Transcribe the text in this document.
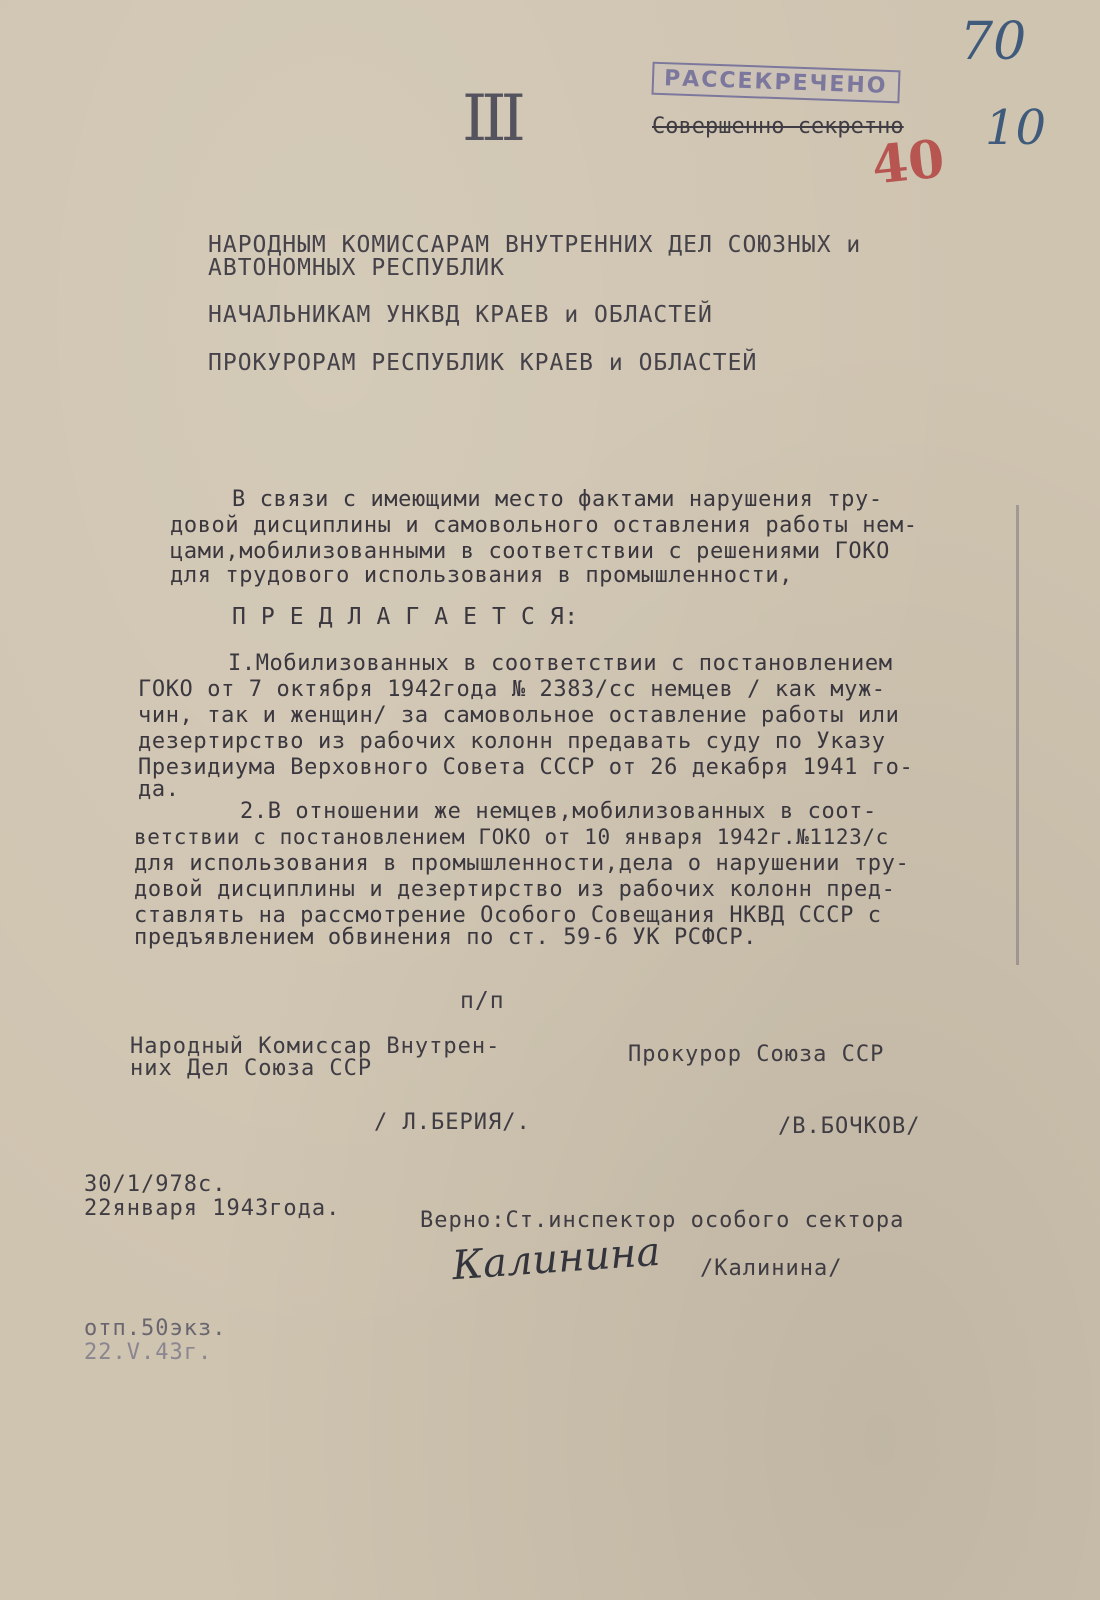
70
10
40
III	РАССЕКРЕЧЕНО
Совершенно секретно
НАРОДНЫМ КОМИССАРАМ ВНУТРЕННИХ ДЕЛ СОЮЗНЫХ и
АВТОНОМНЫХ РЕСПУБЛИК
НАЧАЛЬНИКАМ УНКВД КРАЕВ и ОБЛАСТЕЙ
ПРОКУРОРАМ РЕСПУБЛИК КРАЕВ и ОБЛАСТЕЙ
В связи с имеющими место фактами нарушения тру-
довой дисциплины и самовольного оставления работы нем-
цами,мобилизованными в соответствии с решениями ГОКО
для трудового использования в промышленности,
П Р Е Д Л А Г А Е Т С Я:
I.Мобилизованных в соответствии с постановлением
ГОКО от 7 октября 1942года № 2383/сс немцев / как муж-
чин, так и женщин/ за самовольное оставление работы или
дезертирство из рабочих колонн предавать суду по Указу
Президиума Верховного Совета СССР от 26 декабря 1941 го-
да.
2.В отношении же немцев,мобилизованных в соот-
ветствии с постановлением ГОКО от 10 января 1942г.№1123/с
для использования в промышленности,дела о нарушении тру-
довой дисциплины и дезертирство из рабочих колонн пред-
ставлять на рассмотрение Особого Совещания НКВД СССР с
предъявлением обвинения по ст. 59-6 УК РСФСР.
п/п
Народный Комиссар Внутрен-
них Дел Союза ССР
Прокурор Союза ССР
/ Л.БЕРИЯ/.	/В.БОЧКОВ/
30/1/978с.
22января 1943года.	Верно:Ст.инспектор особого сектора
Калинина /Калинина/
отп.50экз.
22.V.43г.
